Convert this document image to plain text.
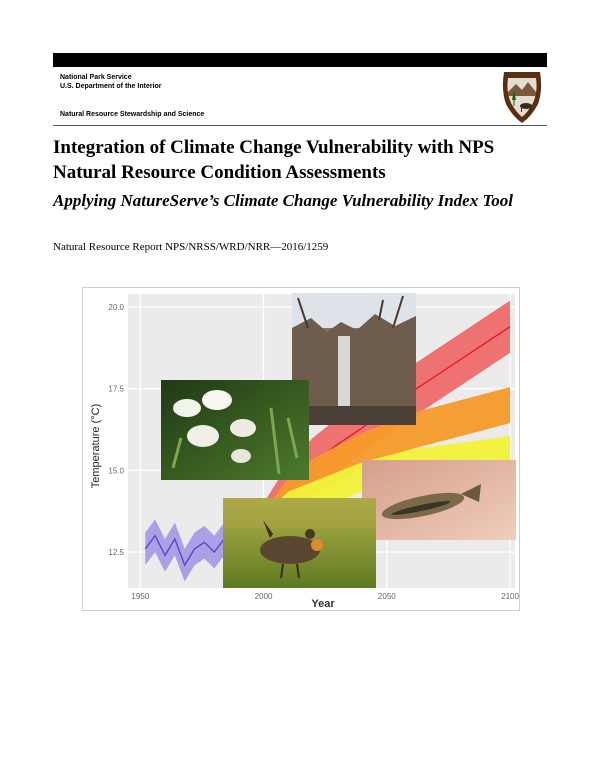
National Park Service
U.S. Department of the Interior
Natural Resource Stewardship and Science
Integration of Climate Change Vulnerability with NPS Natural Resource Condition Assessments
Applying NatureServe’s Climate Change Vulnerability Index Tool
Natural Resource Report NPS/NRSS/WRD/NRR—2016/1259
1950	2000	2050	2100
12.5
15.0
17.5
20.0
Year
Temperature (°C)
